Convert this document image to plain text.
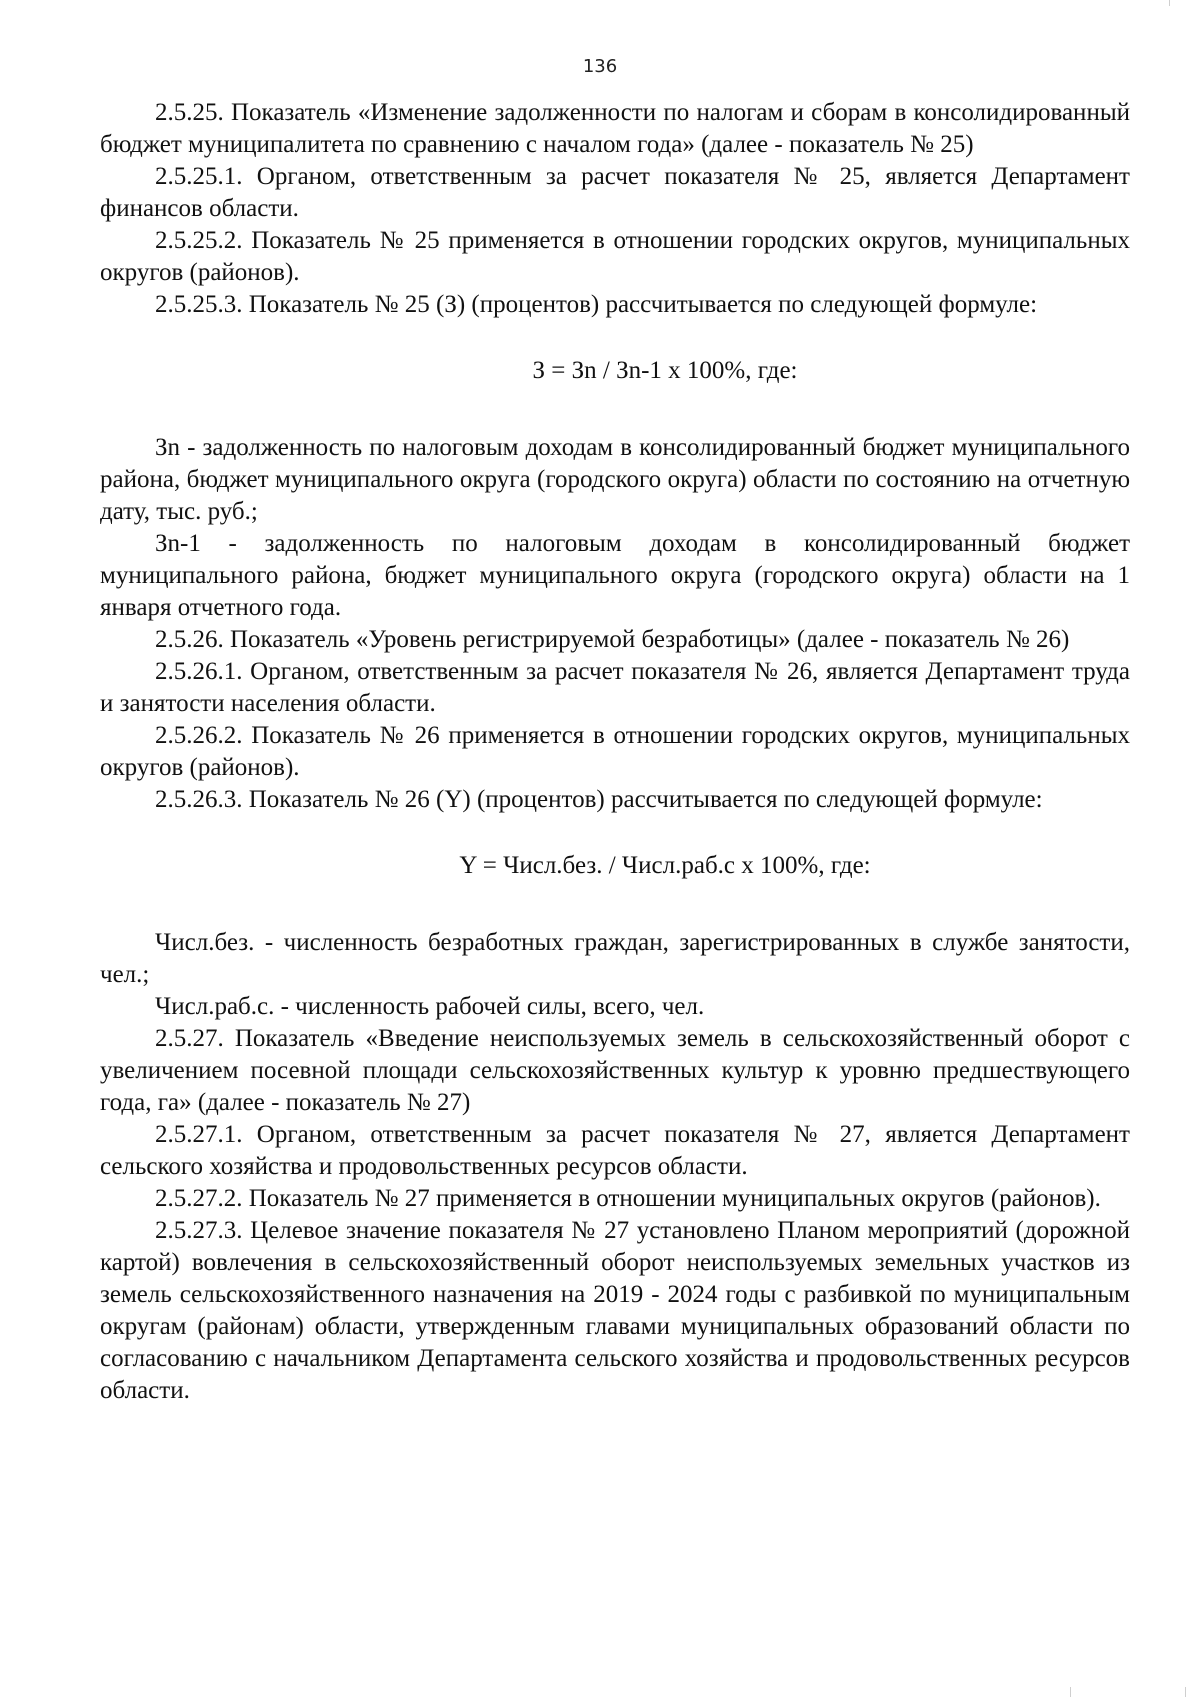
136

2.5.25. Показатель «Изменение задолженности по налогам и сборам в консолидированный бюджет муниципалитета по сравнению с началом года» (далее - показатель № 25)

2.5.25.1. Органом, ответственным за расчет показателя № 25, является Департамент финансов области.

2.5.25.2. Показатель № 25 применяется в отношении городских округов, муниципальных округов (районов).

2.5.25.3. Показатель № 25 (З) (процентов) рассчитывается по следующей формуле:

З = Зn / Зn-1 х 100%, где:

Зn - задолженность по налоговым доходам в консолидированный бюджет муниципального района, бюджет муниципального округа (городского округа) области по состоянию на отчетную дату, тыс. руб.;

Зn-1 - задолженность по налоговым доходам в консолидированный бюджет муниципального района, бюджет муниципального округа (городского округа) области на 1 января отчетного года.

2.5.26. Показатель «Уровень регистрируемой безработицы» (далее - показатель № 26)

2.5.26.1. Органом, ответственным за расчет показателя № 26, является Департамент труда и занятости населения области.

2.5.26.2. Показатель № 26 применяется в отношении городских округов, муниципальных округов (районов).

2.5.26.3. Показатель № 26 (Y) (процентов) рассчитывается по следующей формуле:

Y = Числ.без. / Числ.раб.с х 100%, где:

Числ.без. - численность безработных граждан, зарегистрированных в службе занятости, чел.;

Числ.раб.с. - численность рабочей силы, всего, чел.

2.5.27. Показатель «Введение неиспользуемых земель в сельскохозяйственный оборот с увеличением посевной площади сельскохозяйственных культур к уровню предшествующего года, га» (далее - показатель № 27)

2.5.27.1. Органом, ответственным за расчет показателя № 27, является Департамент сельского хозяйства и продовольственных ресурсов области.

2.5.27.2. Показатель № 27 применяется в отношении муниципальных округов (районов).

2.5.27.3. Целевое значение показателя № 27 установлено Планом мероприятий (дорожной картой) вовлечения в сельскохозяйственный оборот неиспользуемых земельных участков из земель сельскохозяйственного назначения на 2019 - 2024 годы с разбивкой по муниципальным округам (районам) области, утвержденным главами муниципальных образований области по согласованию с начальником Департамента сельского хозяйства и продовольственных ресурсов области.
